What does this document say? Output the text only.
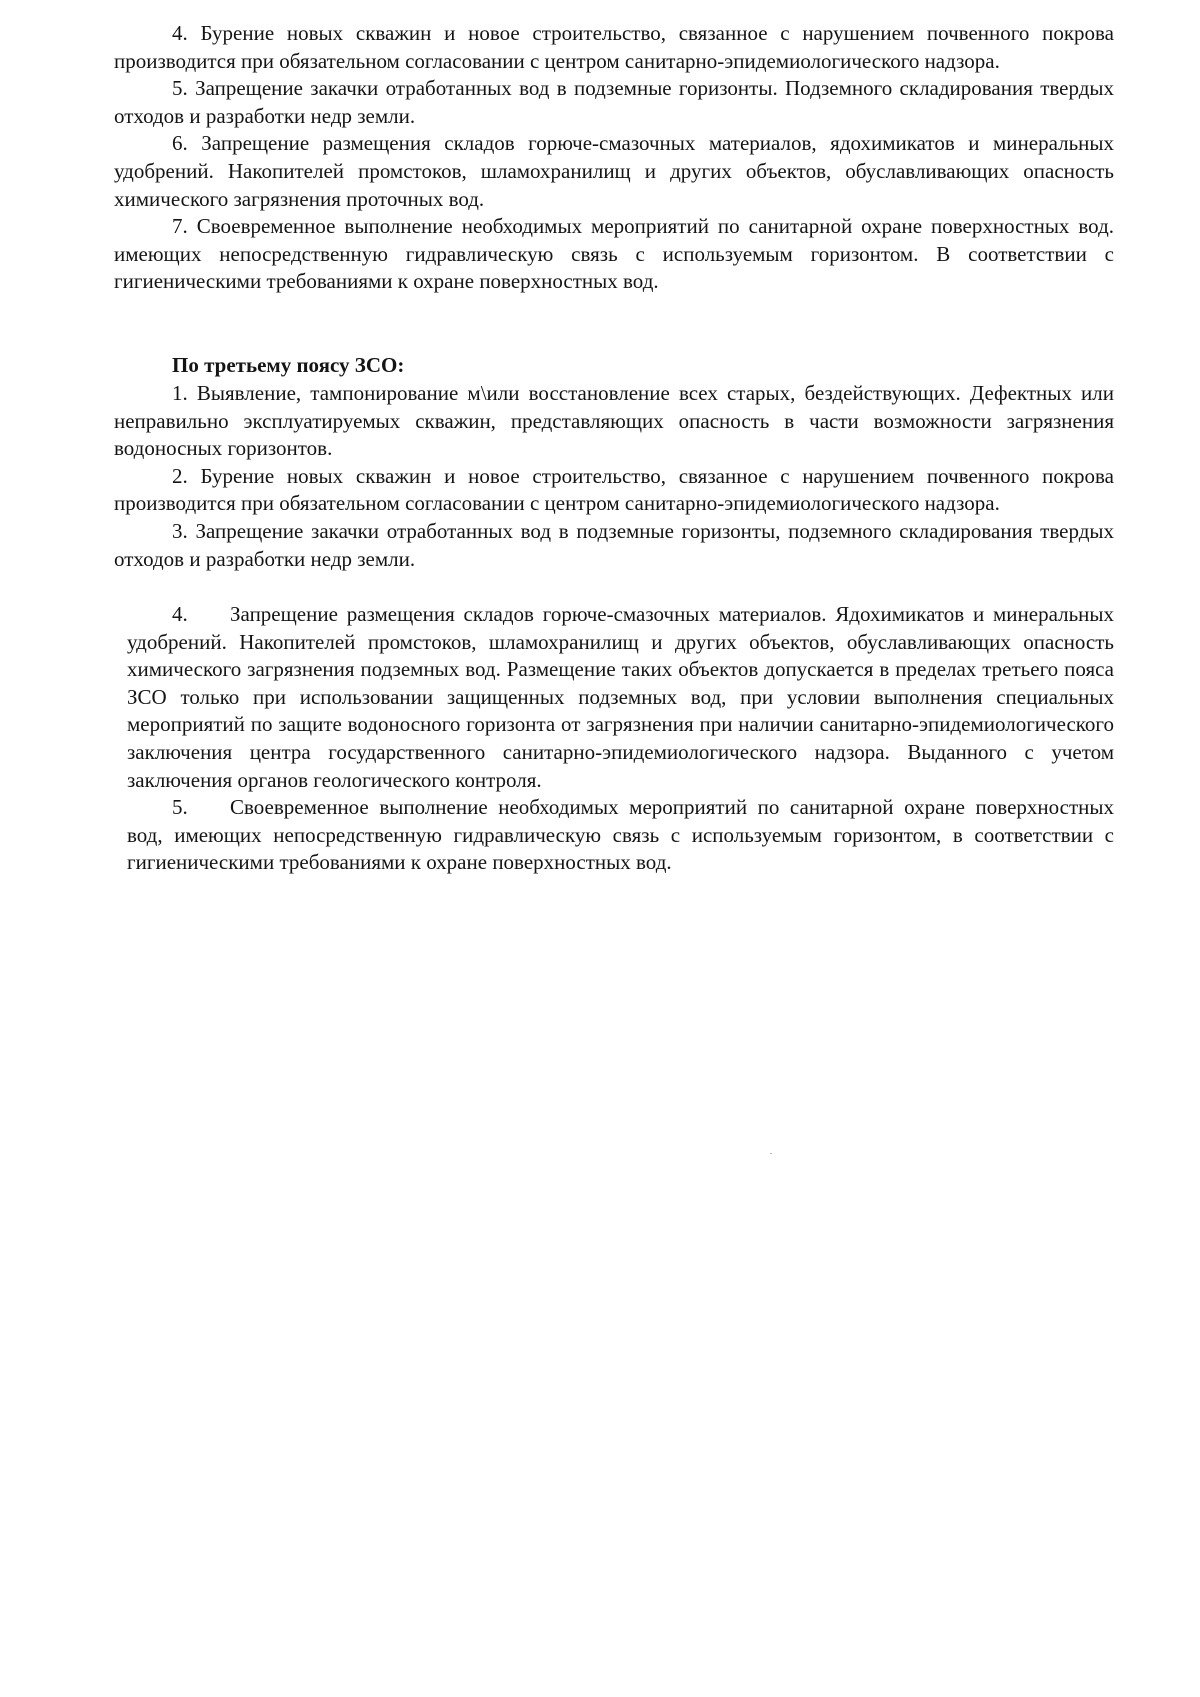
4. Бурение новых скважин и новое строительство, связанное с нарушением почвенного покрова производится при обязательном согласовании с центром санитарно-эпидемиологического надзора.

5. Запрещение закачки отработанных вод в подземные горизонты. Подземного складирования твердых отходов и разработки недр земли.

6. Запрещение размещения складов горюче-смазочных материалов, ядохимикатов и минеральных удобрений. Накопителей промстоков, шламохранилищ и других объектов, обуславливающих опасность химического загрязнения проточных вод.

7. Своевременное выполнение необходимых мероприятий по санитарной охране поверхностных вод. имеющих непосредственную гидравлическую связь с используемым горизонтом. В соответствии с гигиеническими требованиями к охране поверхностных вод.

По третьему поясу ЗСО:

1. Выявление, тампонирование м\или восстановление всех старых, бездействующих. Дефектных или неправильно эксплуатируемых скважин, представляющих опасность в части возможности загрязнения водоносных горизонтов.

2. Бурение новых скважин и новое строительство, связанное с нарушением почвенного покрова производится при обязательном согласовании с центром санитарно-эпидемиологического надзора.

3. Запрещение закачки отработанных вод в подземные горизонты, подземного складирования твердых отходов и разработки недр земли.

4. Запрещение размещения складов горюче-смазочных материалов. Ядохимикатов и минеральных удобрений. Накопителей промстоков, шламохранилищ и других объектов, обуславливающих опасность химического загрязнения подземных вод. Размещение таких объектов допускается в пределах третьего пояса ЗСО только при использовании защищенных подземных вод, при условии выполнения специальных мероприятий по защите водоносного горизонта от загрязнения при наличии санитарно-эпидемиологического заключения центра государственного санитарно-эпидемиологического надзора. Выданного с учетом заключения органов геологического контроля.

5. Своевременное выполнение необходимых мероприятий по санитарной охране поверхностных вод, имеющих непосредственную гидравлическую связь с используемым горизонтом, в соответствии с гигиеническими требованиями к охране поверхностных вод.
